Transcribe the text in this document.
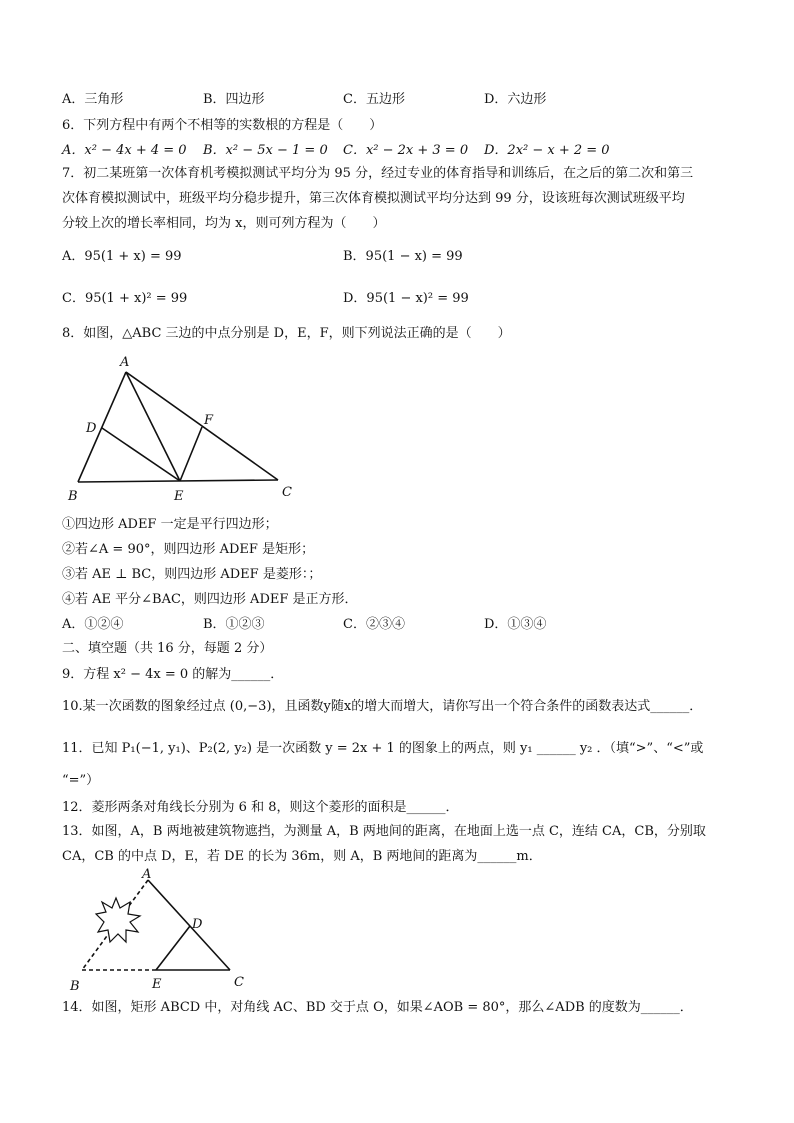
A．三角形	B．四边形	C．五边形	D．六边形
6．下列方程中有两个不相等的实数根的方程是（　　）
A．x² − 4x + 4 = 0 B．x² − 5x − 1 = 0 C．x² − 2x + 3 = 0 D．2x² − x + 2 = 0
7．初二某班第一次体育机考模拟测试平均分为 95 分，经过专业的体育指导和训练后，在之后的第二次和第三
次体育模拟测试中，班级平均分稳步提升，第三次体育模拟测试平均分达到 99 分，设该班每次测试班级平均
分较上次的增长率相同，均为 x，则可列方程为（　　）
A．95(1 + x) = 99	B．95(1 − x) = 99
C．95(1 + x)² = 99	D．95(1 − x)² = 99
8．如图，△ABC 三边的中点分别是 D，E，F，则下列说法正确的是（　　）
A
D
F
B	E	C
①四边形 ADEF 一定是平行四边形；
②若∠A = 90°，则四边形 ADEF 是矩形；
③若 AE ⊥ BC，则四边形 ADEF 是菱形：；
④若 AE 平分∠BAC，则四边形 ADEF 是正方形．
A．①②④	B．①②③	C．②③④	D．①③④
二、填空题（共 16 分，每题 2 分）
9．方程 x² − 4x = 0 的解为______．
10.某一次函数的图象经过点 (0,−3)，且函数y随x的增大而增大，请你写出一个符合条件的函数表达式______．
11．已知 P₁(−1, y₁)、P₂(2, y₂) 是一次函数 y = 2x + 1 的图象上的两点，则 y₁ ______ y₂ ．（填“>”、“<”或
“=”）
12．菱形两条对角线长分别为 6 和 8，则这个菱形的面积是______．
13．如图，A，B 两地被建筑物遮挡，为测量 A，B 两地间的距离，在地面上选一点 C，连结 CA，CB，分别取
CA，CB 的中点 D，E，若 DE 的长为 36m，则 A，B 两地间的距离为______m．
A
D
B	E	C
14．如图，矩形 ABCD 中，对角线 AC、BD 交于点 O，如果∠AOB = 80°，那么∠ADB 的度数为______．
